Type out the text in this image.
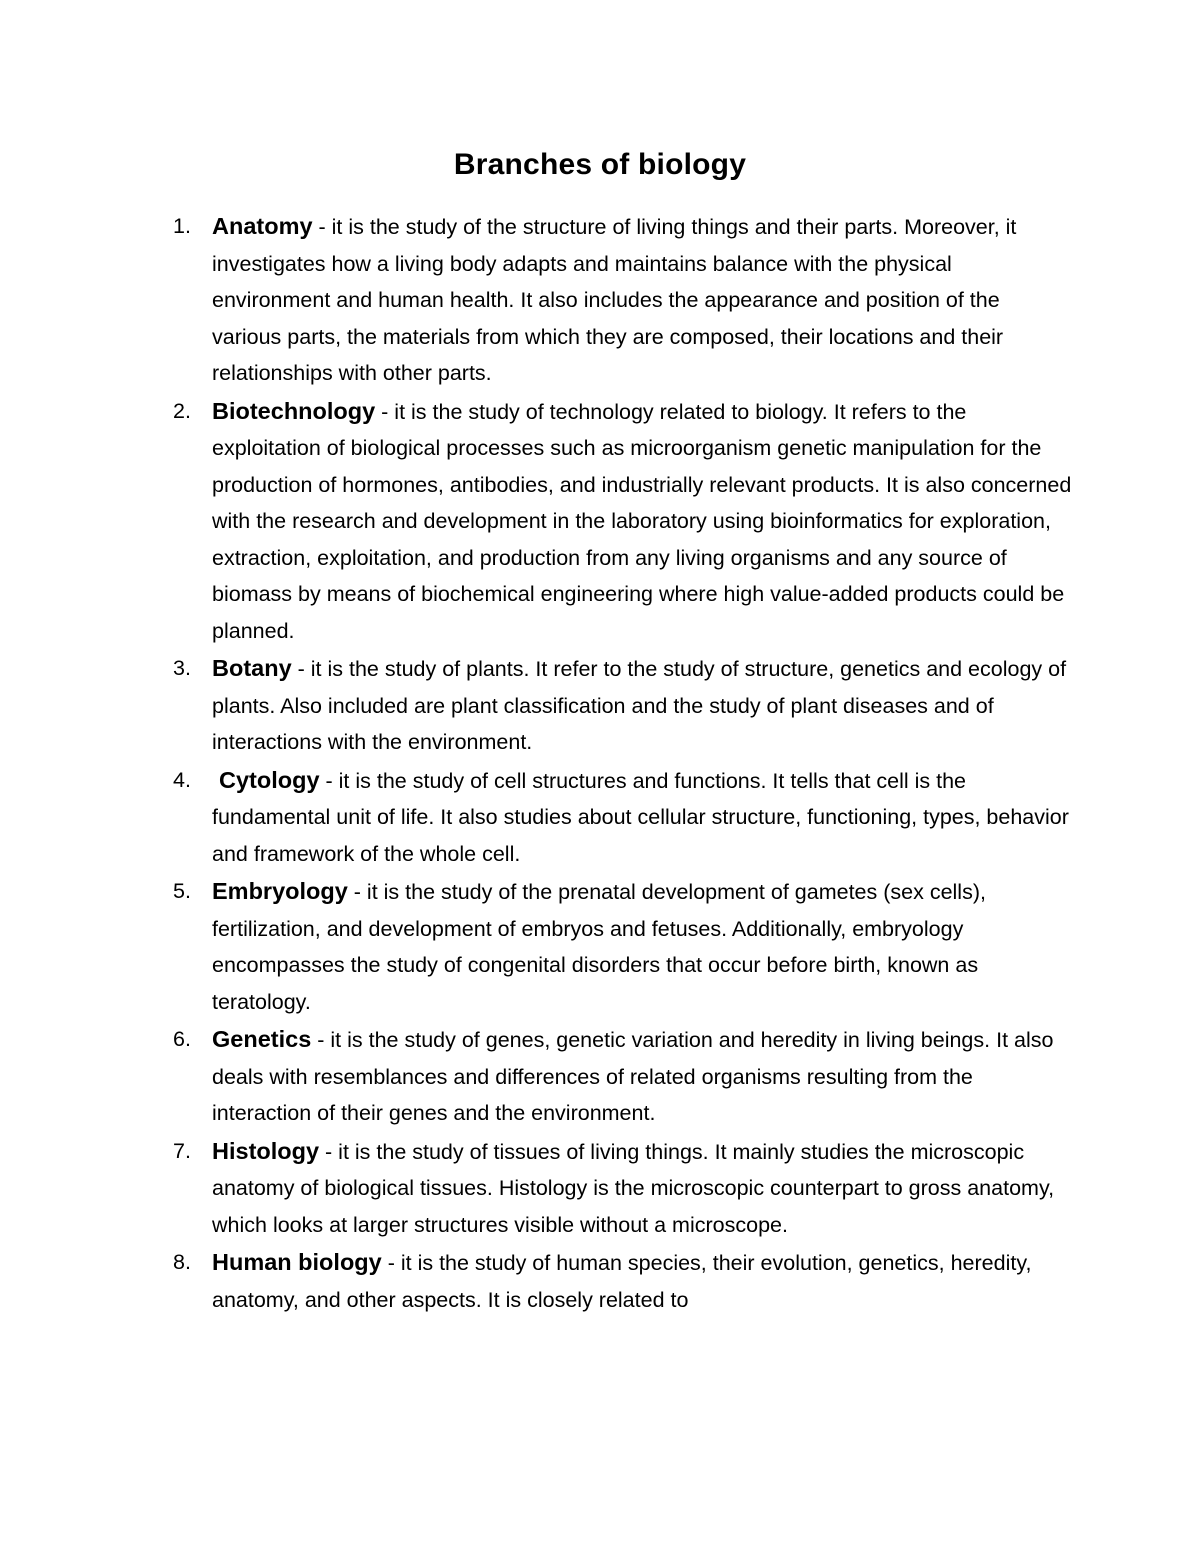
Branches of biology
1. Anatomy - it is the study of the structure of living things and their parts. Moreover, it investigates how a living body adapts and maintains balance with the physical environment and human health. It also includes the appearance and position of the various parts, the materials from which they are composed, their locations and their relationships with other parts.
2. Biotechnology - it is the study of technology related to biology. It refers to the exploitation of biological processes such as microorganism genetic manipulation for the production of hormones, antibodies, and industrially relevant products. It is also concerned with the research and development in the laboratory using bioinformatics for exploration, extraction, exploitation, and production from any living organisms and any source of biomass by means of biochemical engineering where high value-added products could be planned.
3. Botany - it is the study of plants. It refer to the study of structure, genetics and ecology of plants. Also included are plant classification and the study of plant diseases and of interactions with the environment.
4. Cytology - it is the study of cell structures and functions. It tells that cell is the fundamental unit of life. It also studies about cellular structure, functioning, types, behavior and framework of the whole cell.
5. Embryology - it is the study of the prenatal development of gametes (sex cells), fertilization, and development of embryos and fetuses. Additionally, embryology encompasses the study of congenital disorders that occur before birth, known as teratology.
6. Genetics - it is the study of genes, genetic variation and heredity in living beings. It also deals with resemblances and differences of related organisms resulting from the interaction of their genes and the environment.
7. Histology - it is the study of tissues of living things. It mainly studies the microscopic anatomy of biological tissues. Histology is the microscopic counterpart to gross anatomy, which looks at larger structures visible without a microscope.
8. Human biology - it is the study of human species, their evolution, genetics, heredity, anatomy, and other aspects. It is closely related to
